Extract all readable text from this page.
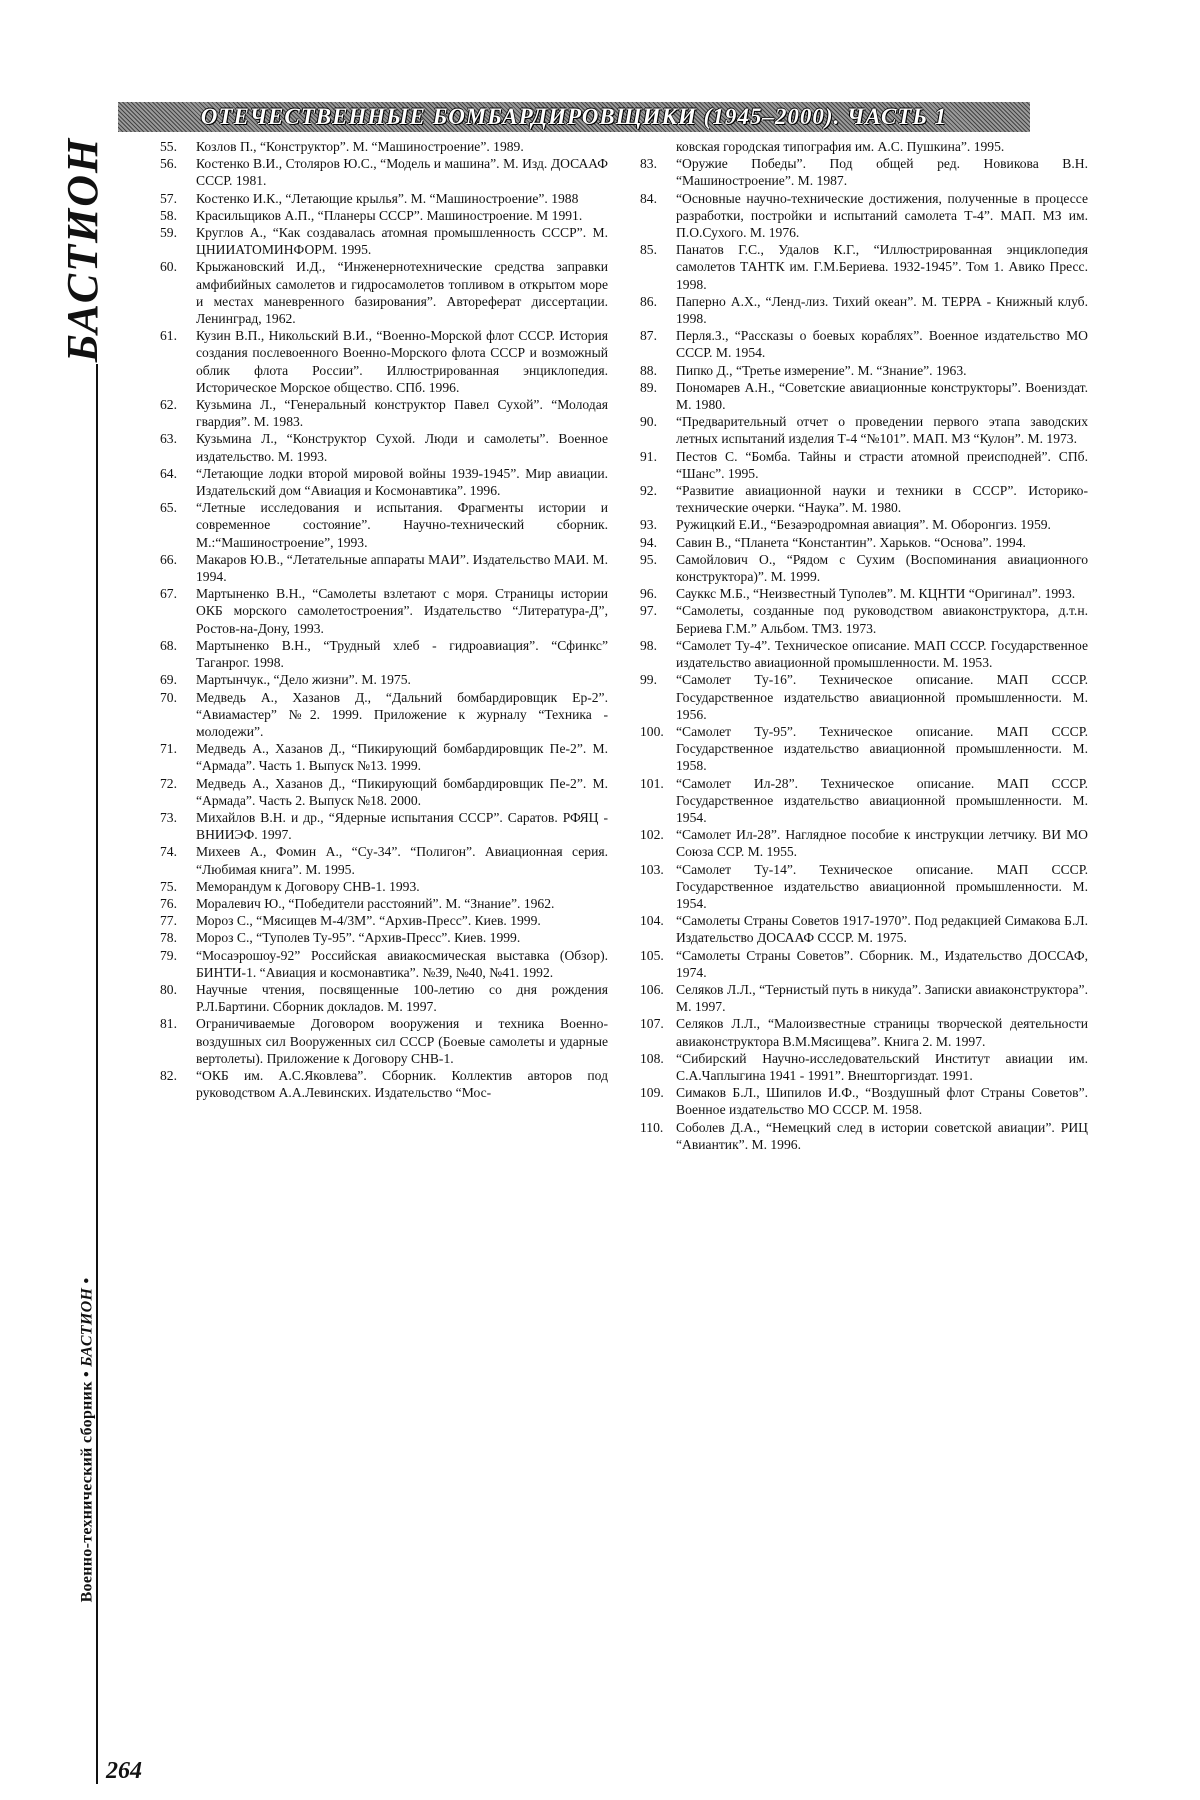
ОТЕЧЕСТВЕННЫЕ БОМБАРДИРОВЩИКИ (1945–2000). ЧАСТЬ 1
БАСТИОН
Военно-технический сборник • БАСТИОН •

55. Козлов П., “Конструктор”. М. “Машиностроение”. 1989.

56. Костенко В.И., Столяров Ю.С., “Модель и машина”. М. Изд. ДОСААФ СССР. 1981.

57. Костенко И.К., “Летающие крылья”. М. “Машиностроение”. 1988

58. Красильщиков А.П., “Планеры СССР”. Машиностроение. М 1991.

59. Круглов А., “Как создавалась атомная промышленность СССР”. М. ЦНИИАТОМИНФОРМ. 1995.

60. Крыжановский И.Д., “Инженернотехнические средства заправки амфибийных самолетов и гидросамолетов топливом в открытом море и местах маневренного базирования”. Автореферат диссертации. Ленинград, 1962.

61. Кузин В.П., Никольский В.И., “Военно-Морской флот СССР. История создания послевоенного Военно-Морского флота СССР и возможный облик флота России”. Иллюстрированная энциклопедия. Историческое Морское общество. СПб. 1996.

62. Кузьмина Л., “Генеральный конструктор Павел Сухой”. “Молодая гвардия”. М. 1983.

63. Кузьмина Л., “Конструктор Сухой. Люди и самолеты”. Военное издательство. М. 1993.

64. “Летающие лодки второй мировой войны 1939-1945”. Мир авиации. Издательский дом “Авиация и Космонавтика”. 1996.

65. “Летные исследования и испытания. Фрагменты истории и современное состояние”. Научно-технический сборник. М.:“Машиностроение”, 1993.

66. Макаров Ю.В., “Летательные аппараты МАИ”. Издательство МАИ. М. 1994.

67. Мартыненко В.Н., “Самолеты взлетают с моря. Страницы истории ОКБ морского самолетостроения”. Издательство “Литература-Д”, Ростов-на-Дону, 1993.

68. Мартыненко В.Н., “Трудный хлеб - гидроавиация”. “Сфинкс” Таганрог. 1998.

69. Мартынчук., “Дело жизни”. М. 1975.

70. Медведь А., Хазанов Д., “Дальний бомбардировщик Ер-2”. “Авиамастер” №2. 1999. Приложение к журналу “Техника - молодежи”.

71. Медведь А., Хазанов Д., “Пикирующий бомбардировщик Пе-2”. М. “Армада”. Часть 1. Выпуск №13. 1999.

72. Медведь А., Хазанов Д., “Пикирующий бомбардировщик Пе-2”. М. “Армада”. Часть 2. Выпуск №18. 2000.

73. Михайлов В.Н. и др., “Ядерные испытания СССР”. Саратов. РФЯЦ - ВНИИЭФ. 1997.

74. Михеев А., Фомин А., “Су-34”. “Полигон”. Авиационная серия. “Любимая книга”. М. 1995.

75. Меморандум к Договору СНВ-1. 1993.

76. Моралевич Ю., “Победители расстояний”. М. “Знание”. 1962.

77. Мороз С., “Мясищев М-4/3М”. “Архив-Пресс”. Киев. 1999.

78. Мороз С., “Туполев Ту-95”. “Архив-Пресс”. Киев. 1999.

79. “Мосаэрошоу-92” Российская авиакосмическая выставка (Обзор). БИНТИ-1. “Авиация и космонавтика”. №39, №40, №41. 1992.

80. Научные чтения, посвященные 100-летию со дня рождения Р.Л.Бартини. Сборник докладов. М. 1997.

81. Ограничиваемые Договором вооружения и техника Военно-воздушных сил Вооруженных сил СССР (Боевые самолеты и ударные вертолеты). Приложение к Договору СНВ-1.

82. “ОКБ им. А.С.Яковлева”. Сборник. Коллектив авторов под руководством А.А.Левинских. Издательство “Мос-

ковская городская типография им. А.С. Пушкина”. 1995.

83. “Оружие Победы”. Под общей ред. Новикова В.Н. “Машиностроение”. М. 1987.

84. “Основные научно-технические достижения, полученные в процессе разработки, постройки и испытаний самолета Т-4”. МАП. МЗ им. П.О.Сухого. М. 1976.

85. Панатов Г.С., Удалов К.Г., “Иллюстрированная энциклопедия самолетов ТАНТК им. Г.М.Бериева. 1932-1945”. Том 1. Авико Пресс. 1998.

86. Паперно А.Х., “Ленд-лиз. Тихий океан”. М. ТЕРРА - Книжный клуб. 1998.

87. Перля.З., “Рассказы о боевых кораблях”. Военное издательство МО СССР. М. 1954.

88. Пипко Д., “Третье измерение”. М. “Знание”. 1963.

89. Пономарев А.Н., “Советские авиационные конструкторы”. Воениздат. М. 1980.

90. “Предварительный отчет о проведении первого этапа заводских летных испытаний изделия Т-4 “№101”. МАП. МЗ “Кулон”. М. 1973.

91. Пестов С. “Бомба. Тайны и страсти атомной преисподней”. СПб. “Шанс”. 1995.

92. “Развитие авиационной науки и техники в СССР”. Историко-технические очерки. “Наука”. М. 1980.

93. Ружицкий Е.И., “Безаэродромная авиация”. М. Оборонгиз. 1959.

94. Савин В., “Планета “Константин”. Харьков. “Основа”. 1994.

95. Самойлович О., “Рядом с Сухим (Воспоминания авиационного конструктора)”. М. 1999.

96. Сауккс М.Б., “Неизвестный Туполев”. М. КЦНТИ “Оригинал”. 1993.

97. “Самолеты, созданные под руководством авиаконструктора, д.т.н. Бериева Г.М.” Альбом. ТМЗ. 1973.

98. “Самолет Ту-4”. Техническое описание. МАП СССР. Государственное издательство авиационной промышленности. М. 1953.

99. “Самолет Ту-16”. Техническое описание. МАП СССР. Государственное издательство авиационной промышленности. М. 1956.

100. “Самолет Ту-95”. Техническое описание. МАП СССР. Государственное издательство авиационной промышленности. М. 1958.

101. “Самолет Ил-28”. Техническое описание. МАП СССР. Государственное издательство авиационной промышленности. М. 1954.

102. “Самолет Ил-28”. Наглядное пособие к инструкции летчику. ВИ МО Союза ССР. М. 1955.

103. “Самолет Ту-14”. Техническое описание. МАП СССР. Государственное издательство авиационной промышленности. М. 1954.

104. “Самолеты Страны Советов 1917-1970”. Под редакцией Симакова Б.Л. Издательство ДОСААФ СССР. М. 1975.

105. “Самолеты Страны Советов”. Сборник. М., Издательство ДОССАФ, 1974.

106. Селяков Л.Л., “Тернистый путь в никуда”. Записки авиаконструктора”. М. 1997.

107. Селяков Л.Л., “Малоизвестные страницы творческой деятельности авиаконструктора В.М.Мясищева”. Книга 2. М. 1997.

108. “Сибирский Научно-исследовательский Институт авиации им. С.А.Чаплыгина 1941 - 1991”. Внешторгиздат. 1991.

109. Симаков Б.Л., Шипилов И.Ф., “Воздушный флот Страны Советов”. Военное издательство МО СССР. М. 1958.

110. Соболев Д.А., “Немецкий след в истории советской авиации”. РИЦ “Авиантик”. М. 1996.

264
